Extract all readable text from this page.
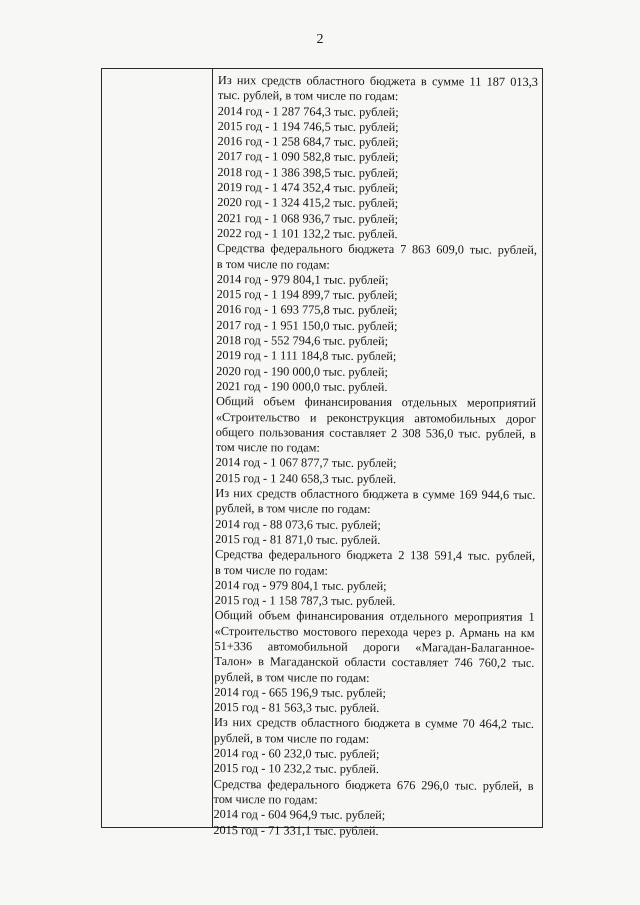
2
Из них средств областного бюджета в сумме 11 187 013,3
тыс. рублей, в том числе по годам:
2014 год - 1 287 764,3 тыс. рублей;
2015 год - 1 194 746,5 тыс. рублей;
2016 год - 1 258 684,7 тыс. рублей;
2017 год - 1 090 582,8 тыс. рублей;
2018 год - 1 386 398,5 тыс. рублей;
2019 год - 1 474 352,4 тыс. рублей;
2020 год - 1 324 415,2 тыс. рублей;
2021 год - 1 068 936,7 тыс. рублей;
2022 год - 1 101 132,2 тыс. рублей.
Средства федерального бюджета 7 863 609,0 тыс. рублей,
в том числе по годам:
2014 год - 979 804,1 тыс. рублей;
2015 год - 1 194 899,7 тыс. рублей;
2016 год - 1 693 775,8 тыс. рублей;
2017 год - 1 951 150,0 тыс. рублей;
2018 год - 552 794,6 тыс. рублей;
2019 год - 1 111 184,8 тыс. рублей;
2020 год - 190 000,0 тыс. рублей;
2021 год - 190 000,0 тыс. рублей.
Общий объем финансирования отдельных мероприятий
«Строительство и реконструкция автомобильных дорог
общего пользования составляет 2 308 536,0 тыс. рублей, в
том числе по годам:
2014 год - 1 067 877,7 тыс. рублей;
2015 год - 1 240 658,3 тыс. рублей.
Из них средств областного бюджета в сумме 169 944,6 тыс.
рублей, в том числе по годам:
2014 год - 88 073,6 тыс. рублей;
2015 год - 81 871,0 тыс. рублей.
Средства федерального бюджета 2 138 591,4 тыс. рублей,
в том числе по годам:
2014 год - 979 804,1 тыс. рублей;
2015 год - 1 158 787,3 тыс. рублей.
Общий объем финансирования отдельного мероприятия 1
«Строительство мостового перехода через р. Армань на км
51+336 автомобильной дороги «Магадан-Балаганное-
Талон» в Магаданской области составляет 746 760,2 тыс.
рублей, в том числе по годам:
2014 год - 665 196,9 тыс. рублей;
2015 год - 81 563,3 тыс. рублей.
Из них средств областного бюджета в сумме 70 464,2 тыс.
рублей, в том числе по годам:
2014 год - 60 232,0 тыс. рублей;
2015 год - 10 232,2 тыс. рублей.
Средства федерального бюджета 676 296,0 тыс. рублей, в
том числе по годам:
2014 год - 604 964,9 тыс. рублей;
2015 год - 71 331,1 тыс. рублей.
